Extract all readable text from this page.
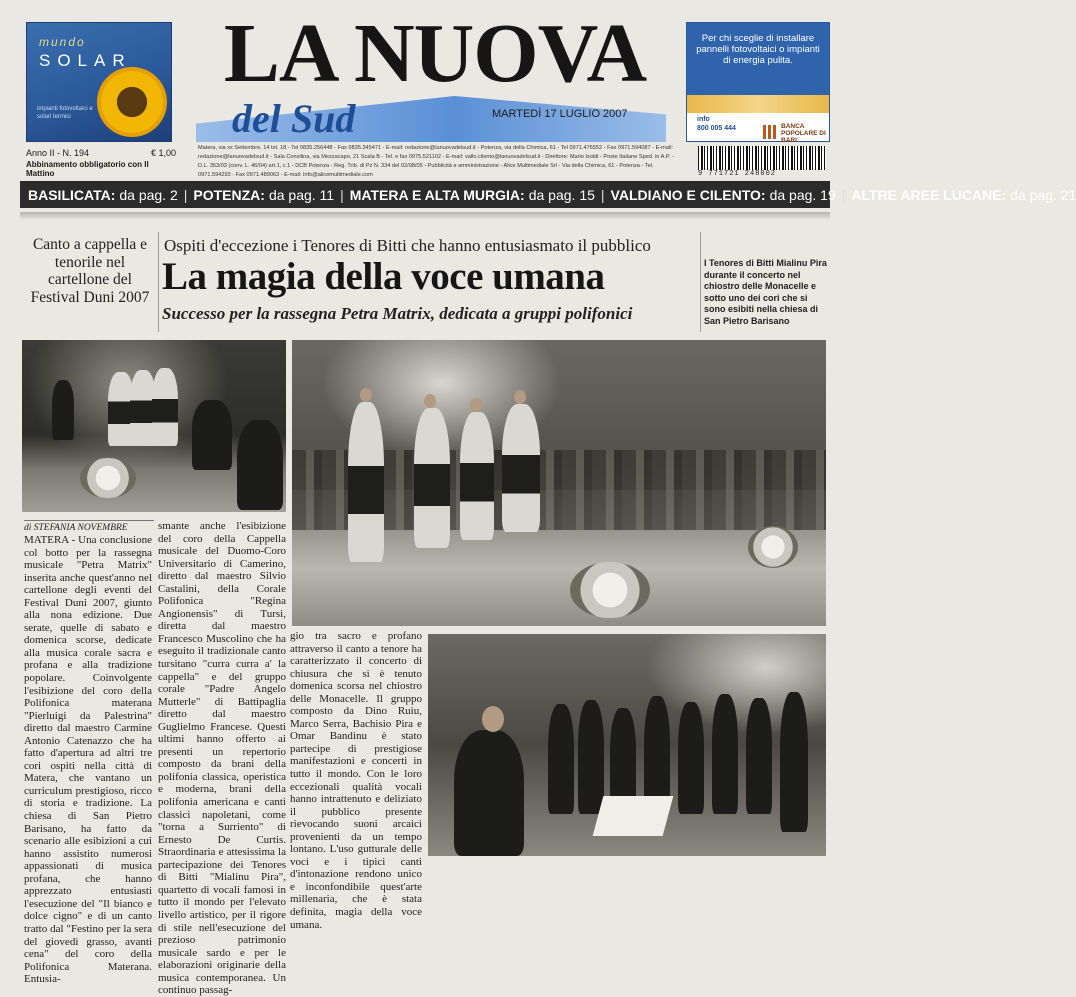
mundo
SOLAR
impianti fotovoltaici e solari termici
LA NUOVA
del Sud	MARTEDÌ 17 LUGLIO 2007
Matera, via xx Settembre, 14 tel. 18 - Tel 0835.256448 - Fax 0835.345471 - E-mail: redazione@lanuovadelsud.it - Potenza, via della Chimica, 61 - Tel 0971.476552 - Fax 0971.594087 - E-mail: redazione@lanuovadelsud.it - Sala Consilina, via Mezzacapo, 21 Scala B - Tel. e fax 0975.521102 - E-mail: vallo.cilento@lanuovadelsud.it - Direttore: Mario Isoldi - Poste Italiane Sped. in A.P. - D.L. 353/03 (conv. L. 46/04) art.1, c.1 - DCB Potenza - Reg. Trib. di Pz N. 334 del 02/08/05 - Pubblicità e amministrazione - Alice Multimediale Srl - Via della Chimica, 61 - Potenza - Tel. 0971.594293 - Fax 0971.489063 - E-mail: info@alicemultimediale.com
Per chi sceglie di installare pannelli fotovoltaici o impianti di energia pulita.
info
800 005 444	BANCA POPOLARE DI BARI
Anno II - N. 194	€ 1,00
Abbinamento obbligatorio con Il Mattino	9 771721 248002
BASILICATA: da pag. 2 | POTENZA: da pag. 11 | MATERA E ALTA MURGIA: da pag. 15 | VALDIANO E CILENTO: da pag. 19 | ALTRE AREE LUCANE: da pag. 21
Canto a cappella e tenorile nel cartellone del Festival Duni 2007
Ospiti d'eccezione i Tenores di Bitti che hanno entusiasmato il pubblico
La magia della voce umana
Successo per la rassegna Petra Matrix, dedicata a gruppi polifonici
I Tenores di Bitti Mialinu Pira durante il concerto nel chiostro delle Monacelle e sotto uno dei cori che si sono esibiti nella chiesa di San Pietro Barisano
di STEFANIA NOVEMBRE
MATERA - Una conclusione col botto per la rassegna musicale "Petra Matrix" inserita anche quest'anno nel cartellone degli eventi del Festival Duni 2007, giunto alla nona edizione. Due serate, quelle di sabato e domenica scorse, dedicate alla musica corale sacra e profana e alla tradizione popolare. Coinvolgente l'esibizione del coro della Polifonica materana "Pierluigi da Palestrina" diretto dal maestro Carmine Antonio Catenazzo che ha fatto d'apertura ad altri tre cori ospiti nella città di Matera, che vantano un curriculum prestigioso, ricco di storia e tradizione. La chiesa di San Pietro Barisano, ha fatto da scenario alle esibizioni a cui hanno assistito numerosi appassionati di musica profana, che hanno apprezzato entusiasti l'esecuzione del "Il bianco e dolce cigno" e di un canto tratto dal "Festino per la sera del giovedì grasso, avanti cena" del coro della Polifonica Materana. Entusia-
smante anche l'esibizione del coro della Cappella musicale del Duomo-Coro Universitario di Camerino, diretto dal maestro Silvio Castalini, della Corale Polifonica "Regina Angionensis" di Tursi, diretta dal maestro Francesco Muscolino che ha eseguito il tradizionale canto tursitano "curra curra a' la cappella" e del gruppo corale "Padre Angelo Mutterle" di Battipaglia diretto dal maestro Guglielmo Francese. Questi ultimi hanno offerto ai presenti un repertorio composto da brani della polifonia classica, operistica e moderna, brani della polifonia americana e canti classici napoletani, come "torna a Surriento" di Ernesto De Curtis. Straordinaria e attesissima la partecipazione dei Tenores di Bitti "Mialinu Pira", quartetto di vocali famosi in tutto il mondo per l'elevato livello artistico, per il rigore di stile nell'esecuzione del prezioso patrimonio musicale sardo e per le elaborazioni originarie della musica contemporanea. Un continuo passag-
gio tra sacro e profano attraverso il canto a tenore ha caratterizzato il concerto di chiusura che si è tenuto domenica scorsa nel chiostro delle Monacelle. Il gruppo composto da Dino Ruiu, Marco Serra, Bachisio Pira e Omar Bandinu è stato partecipe di prestigiose manifestazioni e concerti in tutto il mondo. Con le loro eccezionali qualità vocali hanno intrattenuto e deliziato il pubblico presente rievocando suoni arcaici provenienti da un tempo lontano. L'uso gutturale delle voci e i tipici canti d'intonazione rendono unico e inconfondibile quest'arte millenaria, che è stata definita, magia della voce umana.
